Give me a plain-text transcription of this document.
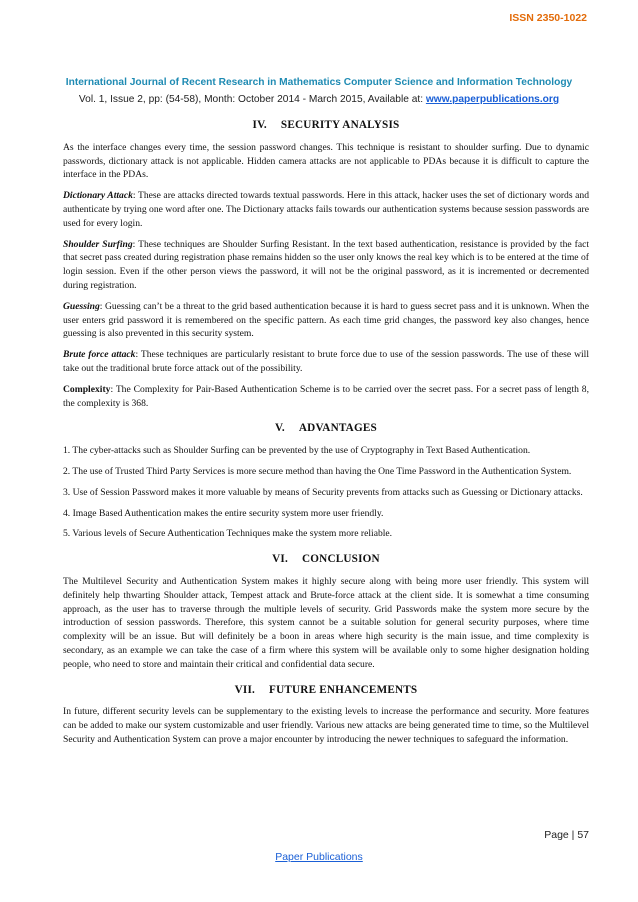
ISSN 2350-1022
International Journal of Recent Research in Mathematics Computer Science and Information Technology
Vol. 1, Issue 2, pp: (54-58), Month: October 2014 - March 2015, Available at: www.paperpublications.org
IV. SECURITY ANALYSIS

As the interface changes every time, the session password changes. This technique is resistant to shoulder surfing. Due to dynamic passwords, dictionary attack is not applicable. Hidden camera attacks are not applicable to PDAs because it is difficult to capture the interface in the PDAs.

Dictionary Attack: These are attacks directed towards textual passwords. Here in this attack, hacker uses the set of dictionary words and authenticate by trying one word after one. The Dictionary attacks fails towards our authentication systems because session passwords are used for every login.

Shoulder Surfing: These techniques are Shoulder Surfing Resistant. In the text based authentication, resistance is provided by the fact that secret pass created during registration phase remains hidden so the user only knows the real key which is to be entered at the time of login session. Even if the other person views the password, it will not be the original password, as it is incremented or decremented during registration.

Guessing: Guessing can’t be a threat to the grid based authentication because it is hard to guess secret pass and it is unknown. When the user enters grid password it is remembered on the specific pattern. As each time grid changes, the password key also changes, hence guessing is also prevented in this security system.

Brute force attack: These techniques are particularly resistant to brute force due to use of the session passwords. The use of these will take out the traditional brute force attack out of the possibility.

Complexity: The Complexity for Pair-Based Authentication Scheme is to be carried over the secret pass. For a secret pass of length 8, the complexity is 368.

V. ADVANTAGES

1. The cyber-attacks such as Shoulder Surfing can be prevented by the use of Cryptography in Text Based Authentication.

2. The use of Trusted Third Party Services is more secure method than having the One Time Password in the Authentication System.

3. Use of Session Password makes it more valuable by means of Security prevents from attacks such as Guessing or Dictionary attacks.

4. Image Based Authentication makes the entire security system more user friendly.

5. Various levels of Secure Authentication Techniques make the system more reliable.

VI. CONCLUSION

The Multilevel Security and Authentication System makes it highly secure along with being more user friendly. This system will definitely help thwarting Shoulder attack, Tempest attack and Brute-force attack at the client side. It is somewhat a time consuming approach, as the user has to traverse through the multiple levels of security. Grid Passwords make the system more secure by the introduction of session passwords. Therefore, this system cannot be a suitable solution for general security purposes, where time complexity will be an issue. But will definitely be a boon in areas where high security is the main issue, and time complexity is secondary, as an example we can take the case of a firm where this system will be available only to some higher designation holding people, who need to store and maintain their critical and confidential data secure.

VII. FUTURE ENHANCEMENTS

In future, different security levels can be supplementary to the existing levels to increase the performance and security. More features can be added to make our system customizable and user friendly. Various new attacks are being generated time to time, so the Multilevel Security and Authentication System can prove a major encounter by introducing the newer techniques to safeguard the information.

Page | 57
Paper Publications
